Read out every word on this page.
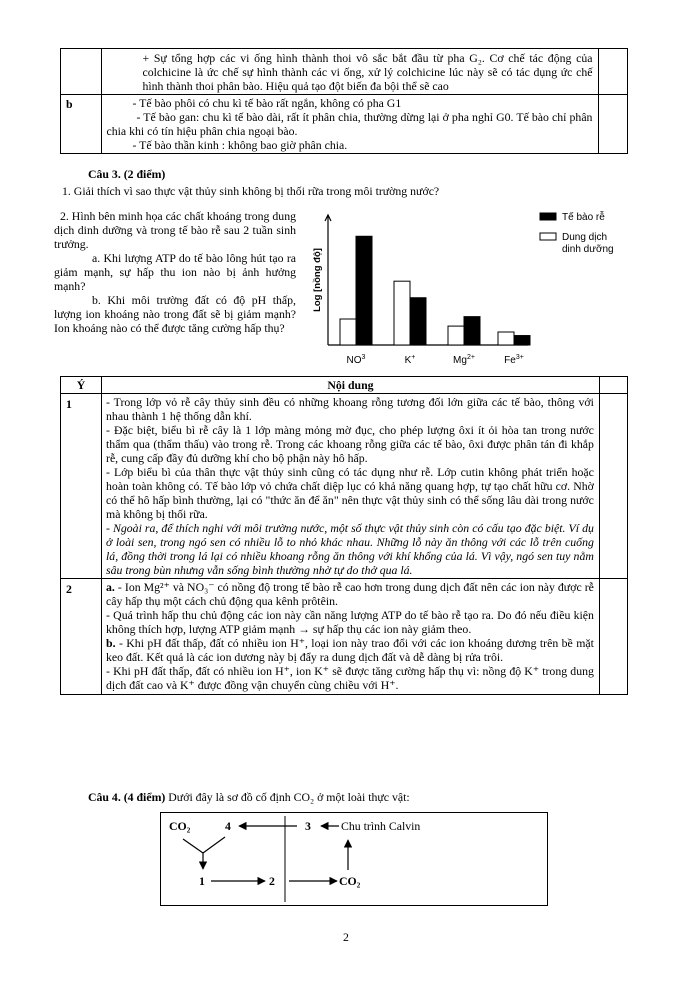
	+ Sự tổng hợp các vi ống hình thành thoi vô sắc bắt đầu từ pha G₂. Cơ chế tác động của colchicine là ức chế sự hình thành các vi ống, xử lý colchicine lúc này sẽ có tác dụng ức chế hình thành thoi phân bào. Hiệu quả tạo đột biến đa bội thể sẽ cao	

b	- Tế bào phôi có chu kì tế bào rất ngắn, không có pha G1

- Tế bào gan: chu kì tế bào dài, rất ít phân chia, thường dừng lại ở pha nghỉ G0. Tế bào chỉ phân chia khi có tín hiệu phân chia ngoại bào.

- Tế bào thần kinh : không bao giờ phân chia.	

Câu 3. (2 điểm)
1. Giải thích vì sao thực vật thủy sinh không bị thối rữa trong môi trường nước?

2. Hình bên minh họa các chất khoáng trong dung dịch dinh dưỡng và trong tế bào rễ sau 2 tuần sinh trưởng.

a. Khi lượng ATP do tế bào lông hút tạo ra giảm mạnh, sự hấp thu ion nào bị ảnh hưởng mạnh?

b. Khi môi trường đất có độ pH thấp, lượng ion khoáng nào trong đất sẽ bị giảm mạnh? Ion khoáng nào có thể được tăng cường hấp thụ?

Log [nồng độ]
$NO^3$	K+	$Mg^{2+}$	$Fe^{3+}$
Tế bào rễ
Dung dịch dinh dưỡng
Ý	Nội dung	
1	- Trong lớp vỏ rễ cây thủy sinh đều có những khoang rỗng tương đối lớn giữa các tế bào, thông với nhau thành 1 hệ thống dẫn khí.

- Đặc biệt, biểu bì rễ cây là 1 lớp màng mỏng mờ đục, cho phép lượng ôxi ít ỏi hòa tan trong nước thẩm qua (thẩm thấu) vào trong rễ. Trong các khoang rỗng giữa các tế bào, ôxi được phân tán đi khắp rễ, cung cấp đầy đủ dưỡng khí cho bộ phận này hô hấp.

- Lớp biểu bì của thân thực vật thủy sinh cũng có tác dụng như rễ. Lớp cutin không phát triển hoặc hoàn toàn không có. Tế bào lớp vỏ chứa chất diệp lục có khả năng quang hợp, tự tạo chất hữu cơ. Nhờ có thể hô hấp bình thường, lại có "thức ăn để ăn" nên thực vật thủy sinh có thể sống lâu dài trong nước mà không bị thối rữa.

- Ngoài ra, để thích nghi với môi trường nước, một số thực vật thủy sinh còn có cấu tạo đặc biệt. Ví dụ ở loài sen, trong ngó sen có nhiều lỗ to nhỏ khác nhau. Những lỗ này ăn thông với các lỗ trên cuống lá, đồng thời trong lá lại có nhiều khoang rỗng ăn thông với khí khổng của lá. Vì vậy, ngó sen tuy nằm sâu trong bùn nhưng vẫn sống bình thường nhờ tự do thở qua lá.	

2	a. - Ion Mg²⁺ và NO₃⁻ có nồng độ trong tế bào rễ cao hơn trong dung dịch đất nên các ion này được rễ cây hấp thụ một cách chủ động qua kênh prôtêin.

- Quá trình hấp thu chủ động các ion này cần năng lượng ATP do tế bào rễ tạo ra. Do đó nếu điều kiện không thích hợp, lượng ATP giảm mạnh → sự hấp thụ các ion này giảm theo.

b. - Khi pH đất thấp, đất có nhiều ion H⁺, loại ion này trao đổi với các ion khoáng dương trên bề mặt keo đất. Kết quả là các ion dương này bị đẩy ra dung dịch đất và dễ dàng bị rửa trôi.

- Khi pH đất thấp, đất có nhiều ion H⁺, ion K⁺ sẽ được tăng cường hấp thụ vì: nồng độ K⁺ trong dung dịch đất cao và K⁺ được đồng vận chuyển cùng chiều với H⁺.	

Câu 4. (4 điểm) Dưới đây là sơ đồ cố định CO₂ ở một loài thực vật:
CO₂	4	3	Chu trình Calvin
1	2	CO₂
2
